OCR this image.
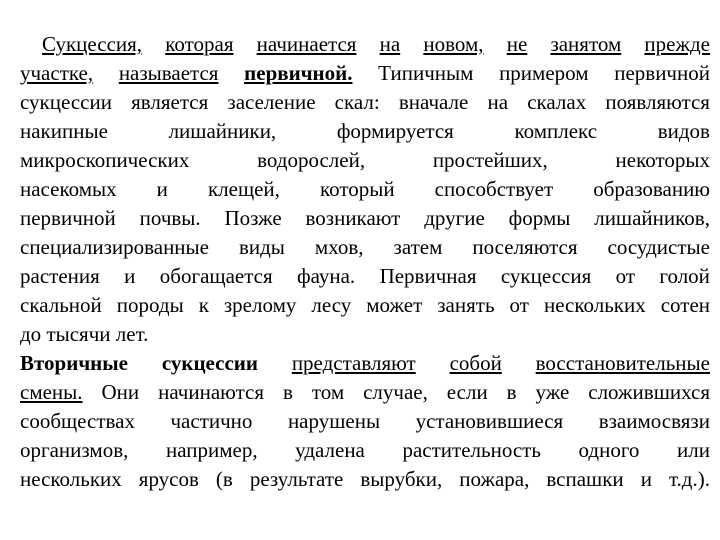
Сукцессия, которая начинается на новом, не занятом прежде
участке, называется первичной. Типичным примером первичной
сукцессии является заселение скал: вначале на скалах появляются
накипные	лишайники,	формируется	комплекс	видов
микроскопических	водорослей,	простейших,	некоторых
насекомых и клещей, который способствует образованию
первичной почвы. Позже возникают другие формы лишайников,
специализированные виды мхов, затем поселяются сосудистые
растения и обогащается фауна. Первичная сукцессия от голой
скальной породы к зрелому лесу может занять от нескольких сотен
до
тысячи
лет.
Вторичные сукцессии представляют собой восстановительные
смены. Они начинаются в том случае, если в уже сложившихся
сообществах частично нарушены установившиеся взаимосвязи
организмов, например, удалена растительность одного или
нескольких ярусов (в результате вырубки, пожара, вспашки и т.д.).
